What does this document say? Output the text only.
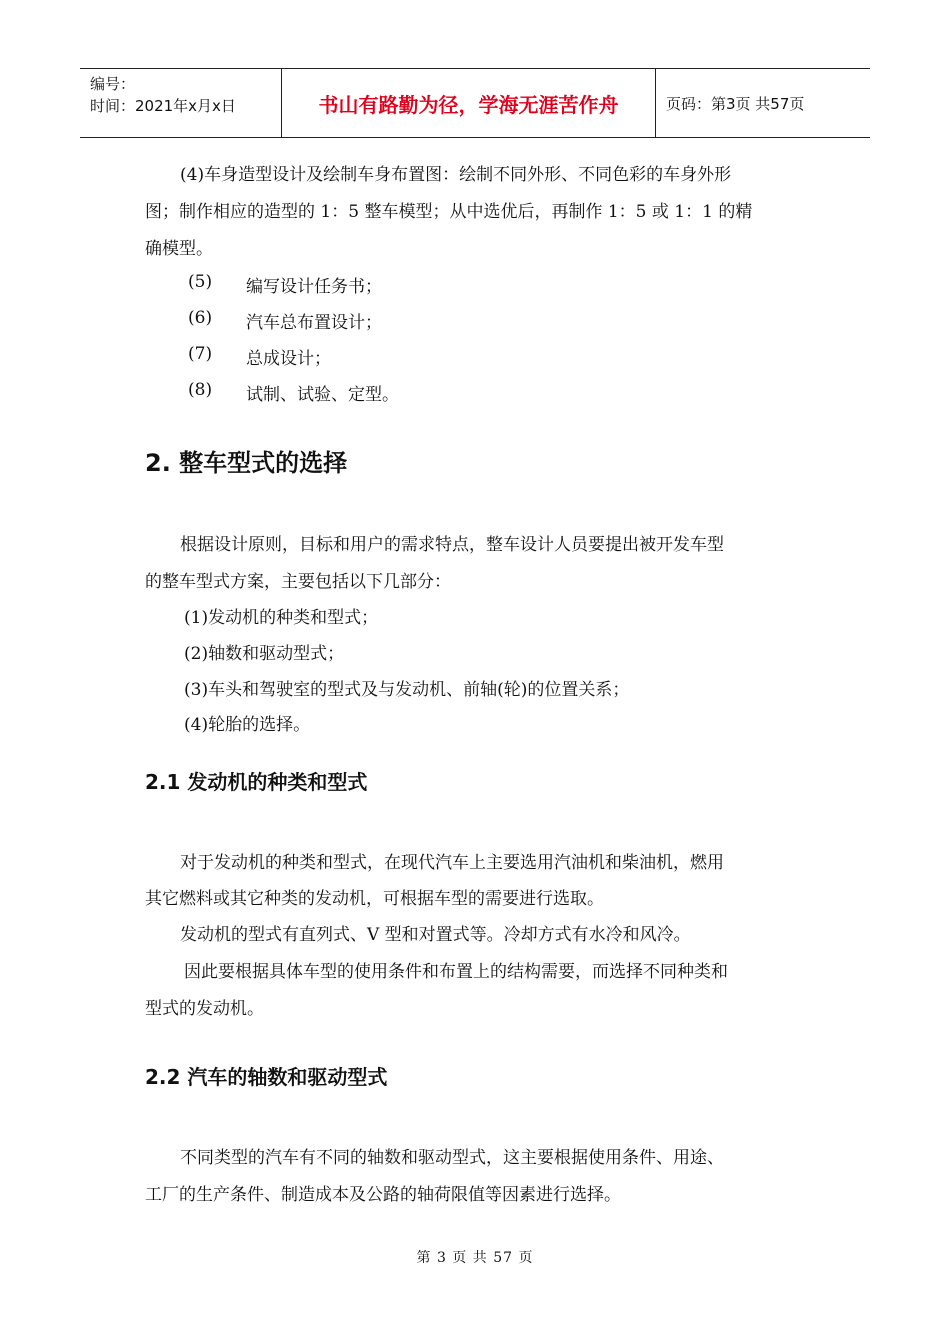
编号：
时间：2021年x月x日	书山有路勤为径，学海无涯苦作舟	页码：第3页 共57页
(4)车身造型设计及绘制车身布置图：绘制不同外形、不同色彩的车身外形
图；制作相应的造型的 1：5 整车模型；从中选优后，再制作 1：5 或 1：1 的精
确模型。
(5) 编写设计任务书；
(6) 汽车总布置设计；
(7) 总成设计；
(8) 试制、试验、定型。
2. 整车型式的选择
根据设计原则，目标和用户的需求特点，整车设计人员要提出被开发车型
的整车型式方案，主要包括以下几部分：
(1)发动机的种类和型式；
(2)轴数和驱动型式；
(3)车头和驾驶室的型式及与发动机、前轴(轮)的位置关系；
(4)轮胎的选择。
2.1 发动机的种类和型式
对于发动机的种类和型式，在现代汽车上主要选用汽油机和柴油机，燃用
其它燃料或其它种类的发动机，可根据车型的需要进行选取。
发动机的型式有直列式、V 型和对置式等。冷却方式有水冷和风冷。
因此要根据具体车型的使用条件和布置上的结构需要，而选择不同种类和
型式的发动机。
2.2 汽车的轴数和驱动型式
不同类型的汽车有不同的轴数和驱动型式，这主要根据使用条件、用途、
工厂的生产条件、制造成本及公路的轴荷限值等因素进行选择。
第 3 页 共 57 页
